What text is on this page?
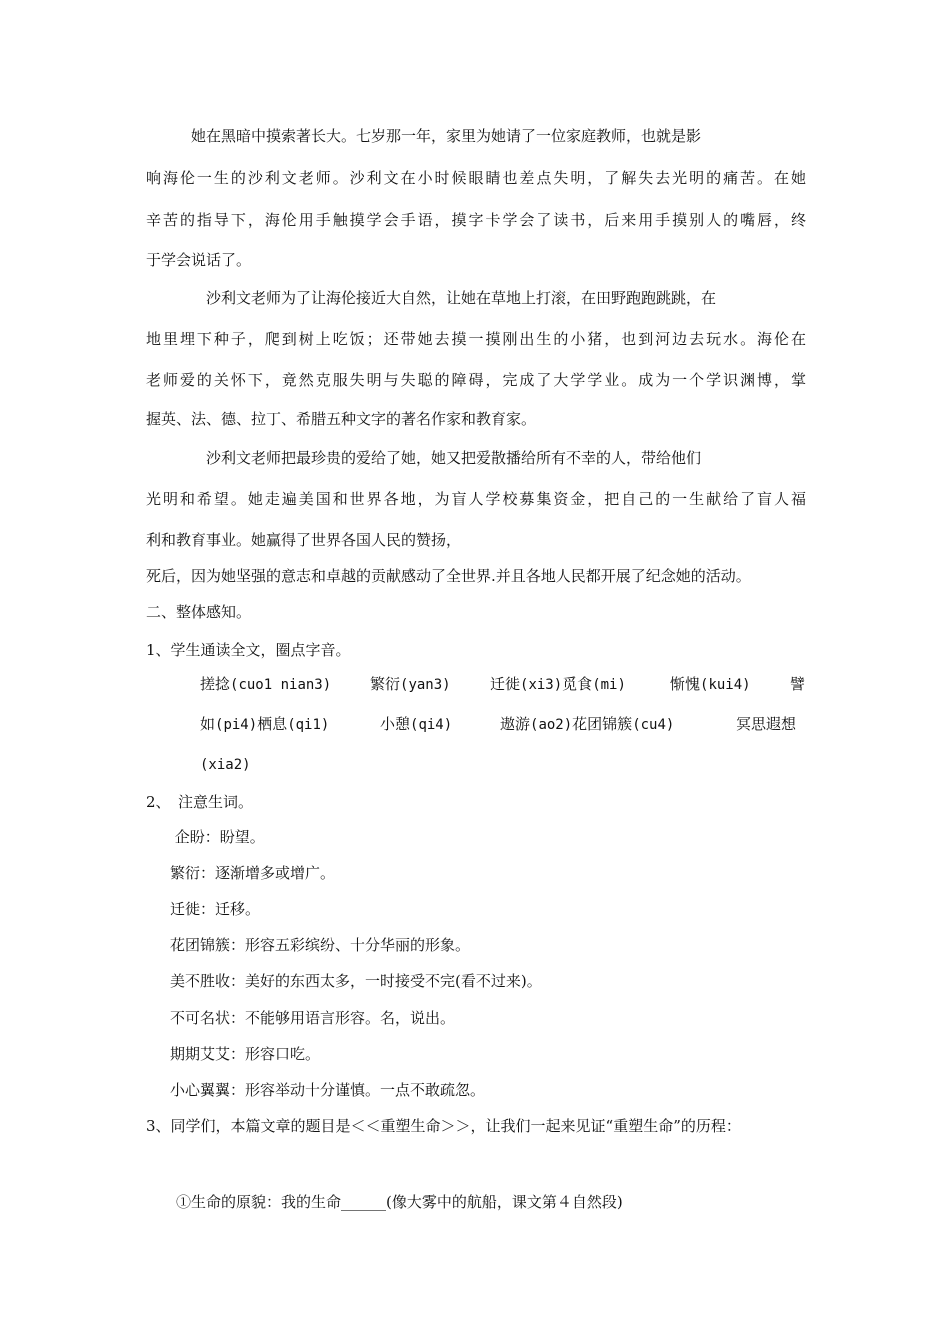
　　　她在黑暗中摸索著长大。七岁那一年，家里为她请了一位家庭教师，也就是影
响海伦一生的沙利文老师。沙利文在小时候眼睛也差点失明，了解失去光明的痛苦。在她
辛苦的指导下，海伦用手触摸学会手语，摸字卡学会了读书，后来用手摸别人的嘴唇，终
于学会说话了。
　　　　沙利文老师为了让海伦接近大自然，让她在草地上打滚，在田野跑跑跳跳，在
地里埋下种子，爬到树上吃饭；还带她去摸一摸刚出生的小猪，也到河边去玩水。海伦在
老师爱的关怀下，竟然克服失明与失聪的障碍，完成了大学学业。成为一个学识渊博，掌
握英、法、德、拉丁、希腊五种文字的著名作家和教育家。
　　　　沙利文老师把最珍贵的爱给了她，她又把爱散播给所有不幸的人，带给他们
光明和希望。她走遍美国和世界各地，为盲人学校募集资金，把自己的一生献给了盲人福
利和教育事业。她赢得了世界各国人民的赞扬，
死后，因为她坚强的意志和卓越的贡献感动了全世界.并且各地人民都开展了纪念她的活动。
二、整体感知。
1、学生通读全文，圈点字音。
搓捻(cuo1 nian3)	繁衍(yan3)	迁徙(xi3)觅食(mi)	惭愧(kui4)	譬
如(pi4)栖息(qi1)	小憩(qi4)	遨游(ao2)花团锦簇(cu4)	冥思遐想
(xia2)
2、　注意生词。
企盼：盼望。
繁衍：逐渐增多或增广。
迁徙：迁移。
花团锦簇：形容五彩缤纷、十分华丽的形象。
美不胜收：美好的东西太多，一时接受不完(看不过来)。
不可名状：不能够用语言形容。名，说出。
期期艾艾：形容口吃。
小心翼翼：形容举动十分谨慎。一点不敢疏忽。
3、同学们，本篇文章的题目是＜＜重塑生命＞＞，让我们一起来见证“重塑生命”的历程：
①生命的原貌：我的生命______(像大雾中的航船，课文第４自然段)
